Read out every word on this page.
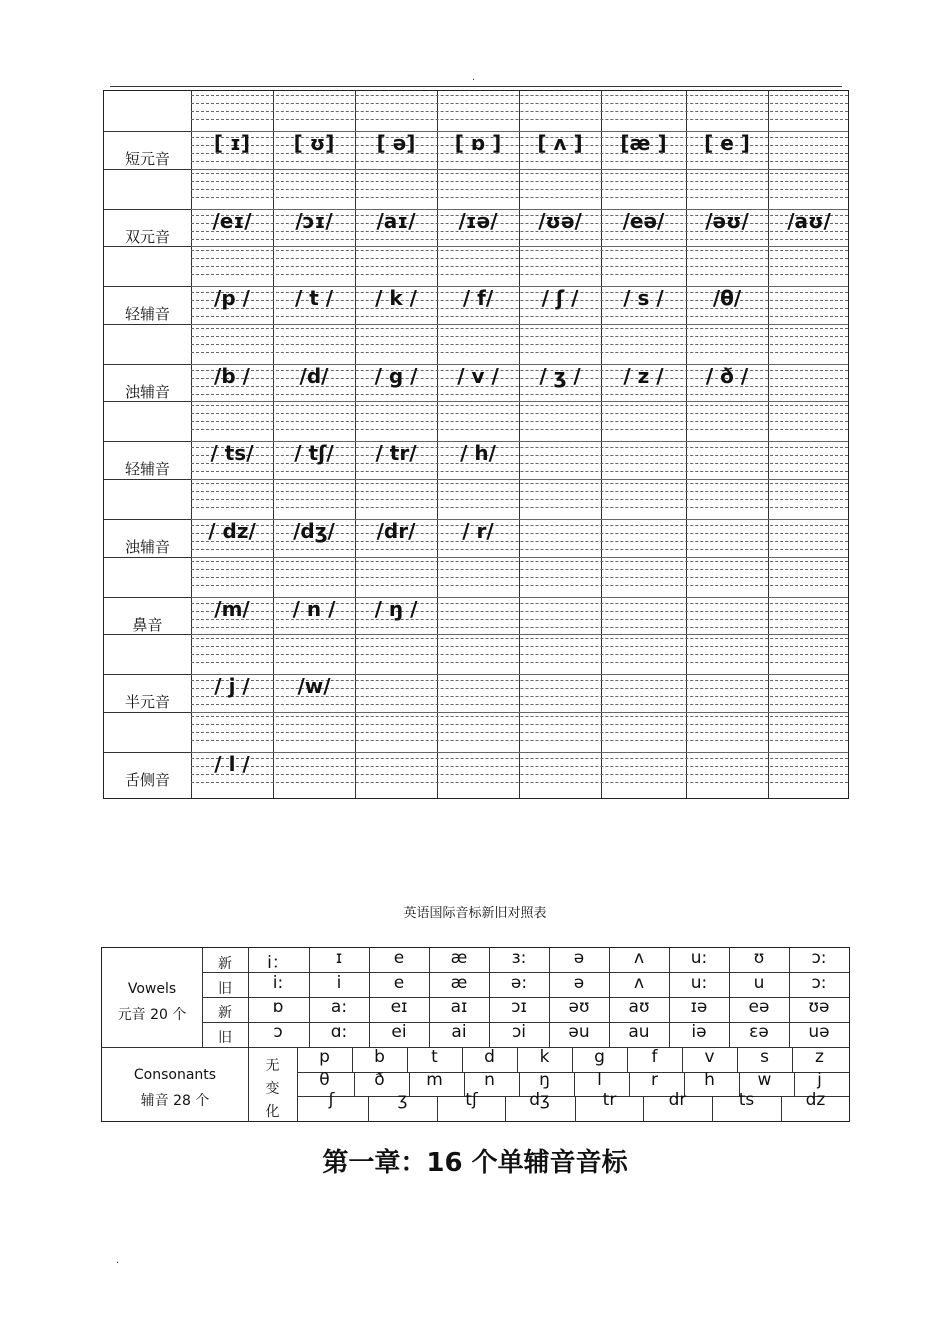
.
短元音
[ ɪ]	[ ʊ]	[ ə]	[ ɒ ]	[ ʌ ]	[æ ]	[ e ]
双元音
/eɪ/	/ɔɪ/	/aɪ/	/ɪə/	/ʊə/	/eə/	/əʊ/	/aʊ/
轻辅音
/p /	/ t /	/ k /	/ f/	/ ʃ /	/ s /	/θ/
浊辅音
/b /	/d/	/ g /	/ v /	/ ʒ /	/ z /	/ ð /
轻辅音
/ ts/	/ tʃ/	/ tr/	/ h/
浊辅音
/ dz/	/dʒ/	/dr/	/ r/
鼻音
/m/	/ n /	/ ŋ /
半元音
/ j /	/w/
舌侧音
/ l /
英语国际音标新旧对照表
Vowels
元音 20 个
新	i：	ɪ	e	æ	ɜ:	ə	ʌ	u:	ʊ	ɔ:
旧	i:	i	e	æ	ə:	ə	ʌ	u:	u	ɔ:
新	ɒ	a:	eɪ	aɪ	ɔɪ	əʊ	aʊ	ɪə	eə	ʊə
旧	ɔ	ɑ:	ei	ai	ɔi	əu	au	iə	ɛə	uə
Consonants
辅音 28 个
无
变
化
p	b	t	d	k	g	f	v	s	z
θ	ð	m	n	ŋ	l	r	h	w	j
ʃ	ʒ	tʃ	dʒ	tr	dr	ts	dz
第一章：16 个单辅音音标
.
